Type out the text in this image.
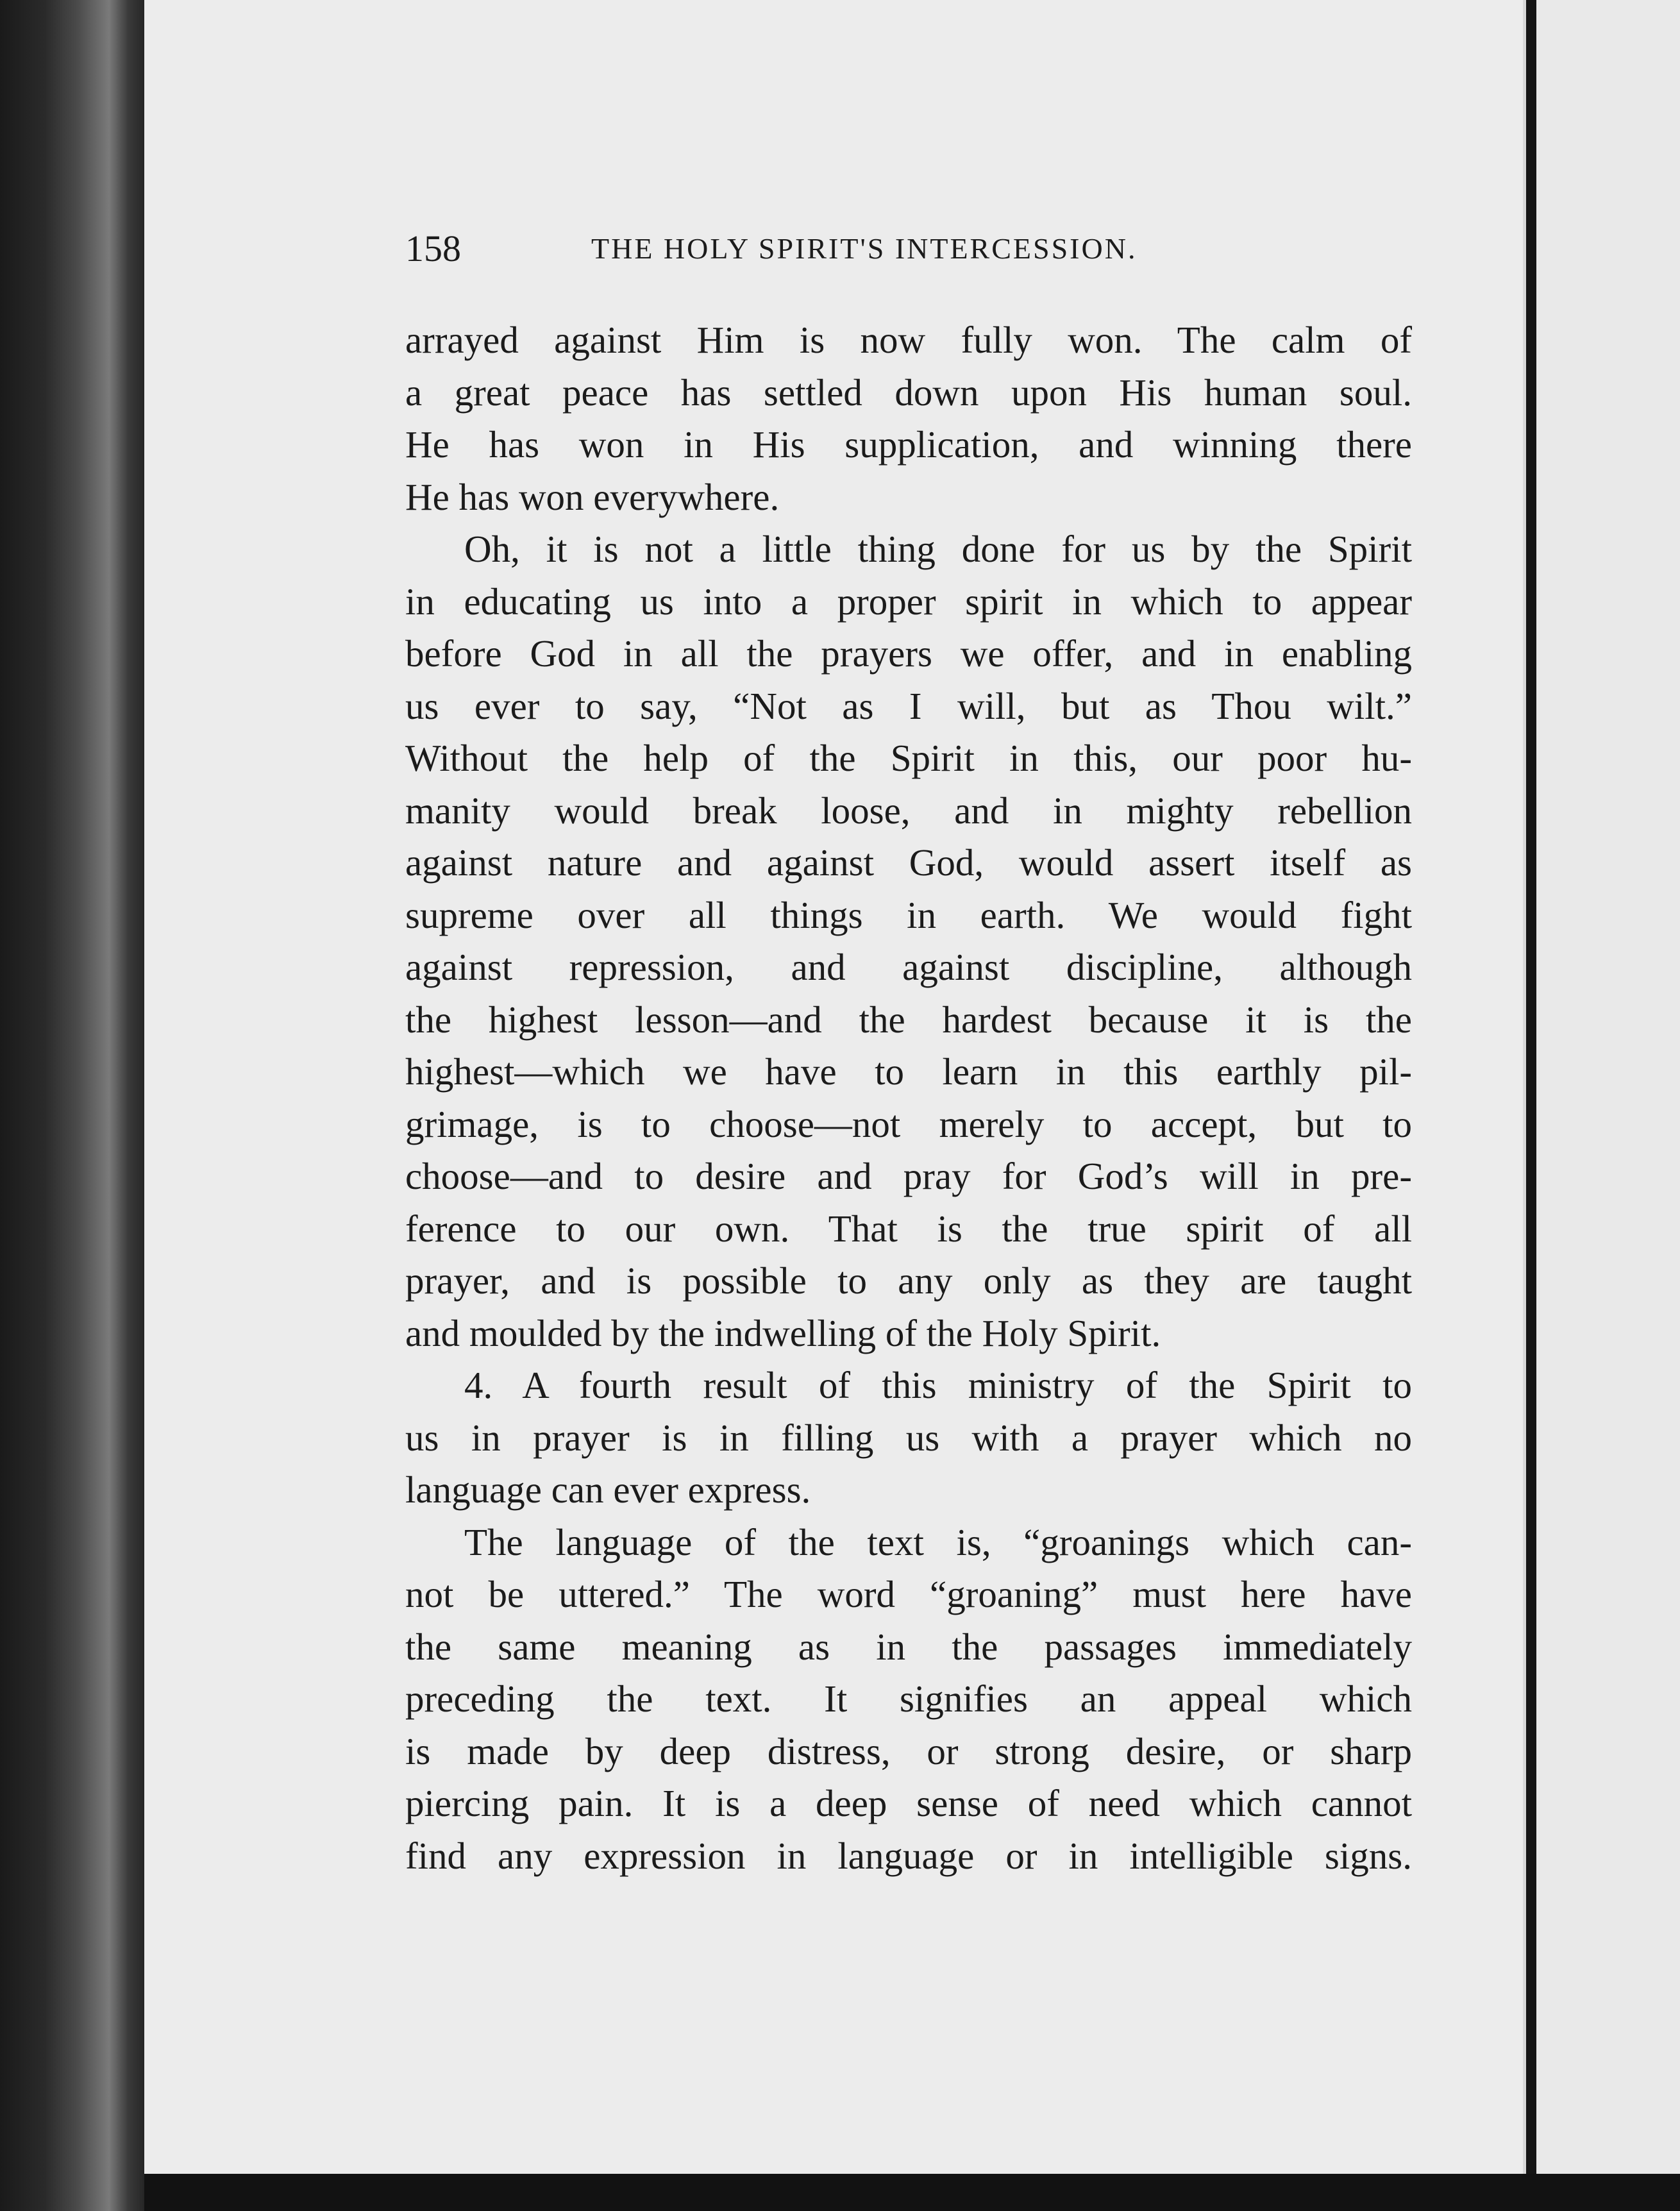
158	THE HOLY SPIRIT'S INTERCESSION.
arrayed against Him is now fully won. The calm of
a great peace has settled down upon His human soul.
He has won in His supplication, and winning there
He has won everywhere.
Oh, it is not a little thing done for us by the Spirit
in educating us into a proper spirit in which to appear
before God in all the prayers we offer, and in enabling
us ever to say, “Not as I will, but as Thou wilt.”
Without the help of the Spirit in this, our poor hu-
manity would break loose, and in mighty rebellion
against nature and against God, would assert itself as
supreme over all things in earth. We would fight
against repression, and against discipline, although
the highest lesson—and the hardest because it is the
highest—which we have to learn in this earthly pil-
grimage, is to choose—not merely to accept, but to
choose—and to desire and pray for God’s will in pre-
ference to our own. That is the true spirit of all
prayer, and is possible to any only as they are taught
and moulded by the indwelling of the Holy Spirit.
4. A fourth result of this ministry of the Spirit to
us in prayer is in filling us with a prayer which no
language can ever express.
The language of the text is, “groanings which can-
not be uttered.” The word “groaning” must here have
the same meaning as in the passages immediately
preceding the text. It signifies an appeal which
is made by deep distress, or strong desire, or sharp
piercing pain. It is a deep sense of need which cannot
find any expression in language or in intelligible signs.
